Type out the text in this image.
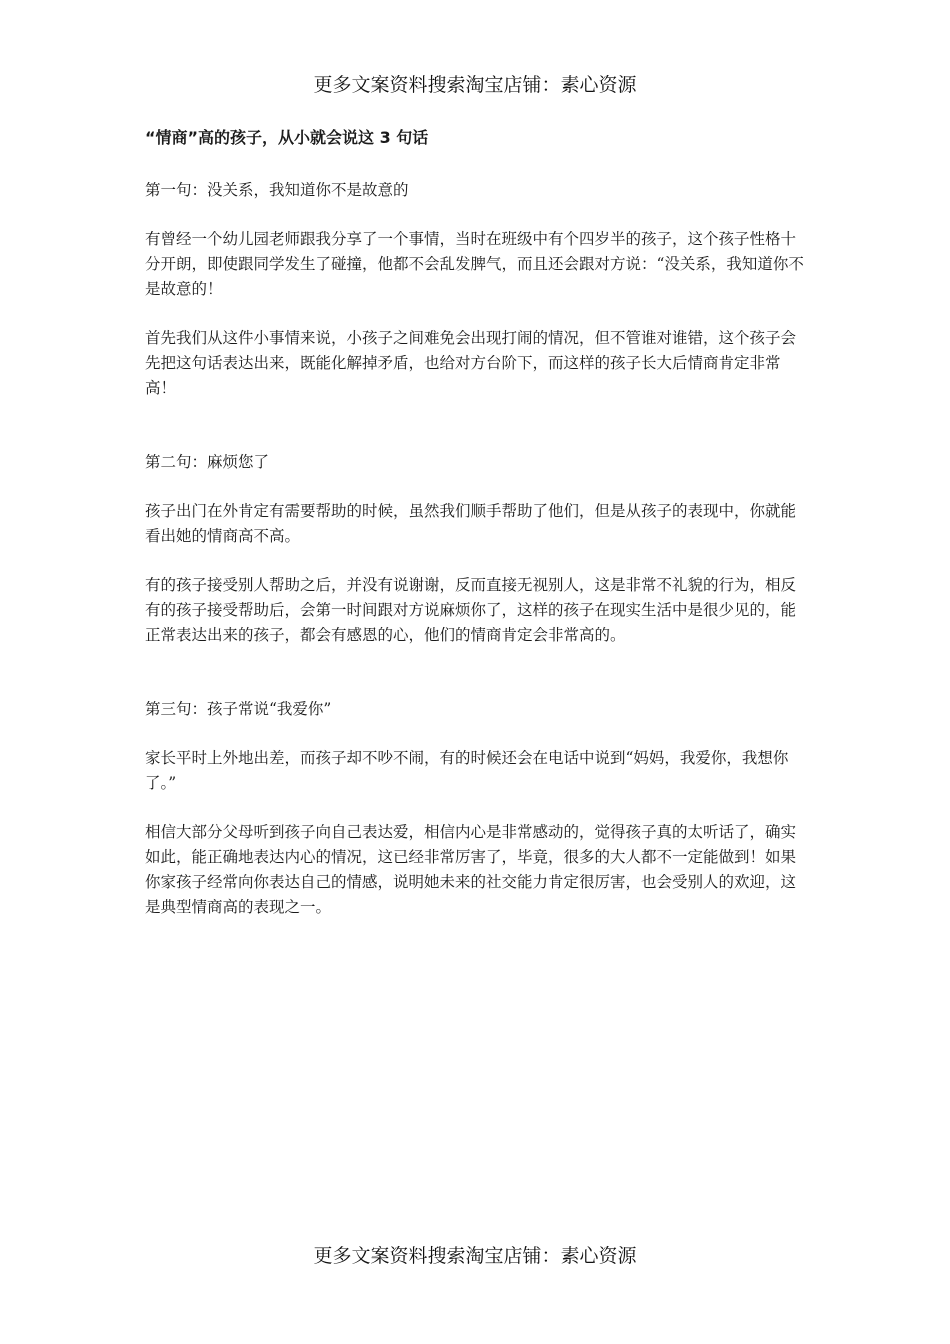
更多文案资料搜索淘宝店铺：素心资源
“情商”高的孩子，从小就会说这 3 句话
第一句：没关系，我知道你不是故意的
有曾经一个幼儿园老师跟我分享了一个事情，当时在班级中有个四岁半的孩子，这个孩子性格十分开朗，即使跟同学发生了碰撞，他都不会乱发脾气，而且还会跟对方说：“没关系，我知道你不是故意的！
首先我们从这件小事情来说，小孩子之间难免会出现打闹的情况，但不管谁对谁错，这个孩子会先把这句话表达出来，既能化解掉矛盾，也给对方台阶下，而这样的孩子长大后情商肯定非常高！
第二句：麻烦您了
孩子出门在外肯定有需要帮助的时候，虽然我们顺手帮助了他们，但是从孩子的表现中，你就能看出她的情商高不高。
有的孩子接受别人帮助之后，并没有说谢谢，反而直接无视别人，这是非常不礼貌的行为，相反有的孩子接受帮助后，会第一时间跟对方说麻烦你了，这样的孩子在现实生活中是很少见的，能正常表达出来的孩子，都会有感恩的心，他们的情商肯定会非常高的。
第三句：孩子常说“我爱你”
家长平时上外地出差，而孩子却不吵不闹，有的时候还会在电话中说到“妈妈，我爱你，我想你了。”
相信大部分父母听到孩子向自己表达爱，相信内心是非常感动的，觉得孩子真的太听话了，确实如此，能正确地表达内心的情况，这已经非常厉害了，毕竟，很多的大人都不一定能做到！如果你家孩子经常向你表达自己的情感，说明她未来的社交能力肯定很厉害，也会受别人的欢迎，这是典型情商高的表现之一。
更多文案资料搜索淘宝店铺：素心资源
